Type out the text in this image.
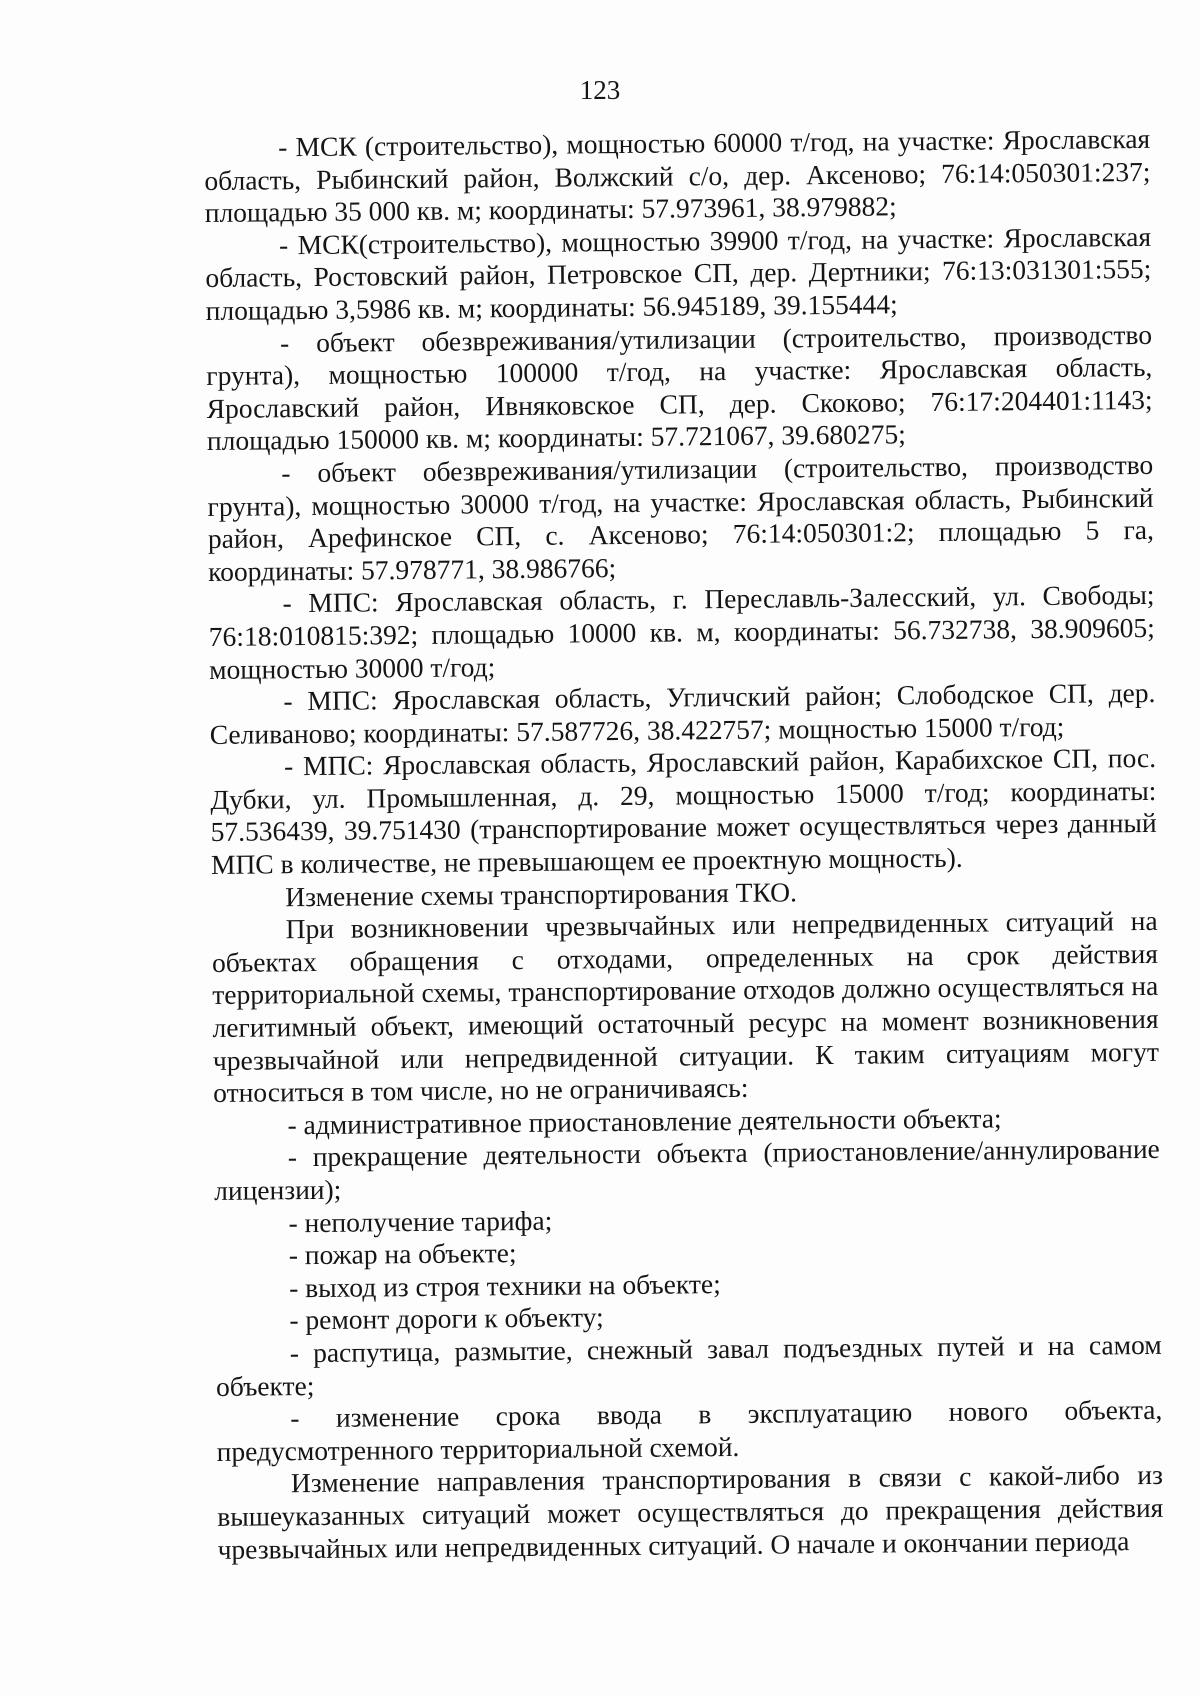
123

- МСК (строительство), мощностью 60000 т/год, на участке: Ярославская область, Рыбинский район, Волжский с/о, дер. Аксеново; 76:14:050301:237; площадью 35 000 кв. м; координаты: 57.973961, 38.979882;

- МСК(строительство), мощностью 39900 т/год, на участке: Ярославская область, Ростовский район, Петровское СП, дер. Дертники; 76:13:031301:555; площадью 3,5986 кв. м; координаты: 56.945189, 39.155444;

- объект обезвреживания/утилизации (строительство, производство грунта), мощностью 100000 т/год, на участке: Ярославская область, Ярославский район, Ивняковское СП, дер. Скоково; 76:17:204401:1143; площадью 150000 кв. м; координаты: 57.721067, 39.680275;

- объект обезвреживания/утилизации (строительство, производство грунта), мощностью 30000 т/год, на участке: Ярославская область, Рыбинский район, Арефинское СП, с. Аксеново; 76:14:050301:2; площадью 5 га, координаты: 57.978771, 38.986766;

- МПС: Ярославская область, г. Переславль-Залесский, ул. Свободы; 76:18:010815:392; площадью 10000 кв. м, координаты: 56.732738, 38.909605; мощностью 30000 т/год;

- МПС: Ярославская область, Угличский район; Слободское СП, дер. Селиваново; координаты: 57.587726, 38.422757; мощностью 15000 т/год;

- МПС: Ярославская область, Ярославский район, Карабихское СП, пос. Дубки, ул. Промышленная, д. 29, мощностью 15000 т/год; координаты: 57.536439, 39.751430 (транспортирование может осуществляться через данный МПС в количестве, не превышающем ее проектную мощность).

Изменение схемы транспортирования ТКО.

При возникновении чрезвычайных или непредвиденных ситуаций на объектах обращения с отходами, определенных на срок действия территориальной схемы, транспортирование отходов должно осуществляться на легитимный объект, имеющий остаточный ресурс на момент возникновения чрезвычайной или непредвиденной ситуации. К таким ситуациям могут относиться в том числе, но не ограничиваясь:

- административное приостановление деятельности объекта;

- прекращение деятельности объекта (приостановление/аннулирование лицензии);

- неполучение тарифа;

- пожар на объекте;

- выход из строя техники на объекте;

- ремонт дороги к объекту;

- распутица, размытие, снежный завал подъездных путей и на самом объекте;

- изменение срока ввода в эксплуатацию нового объекта, предусмотренного территориальной схемой.

Изменение направления транспортирования в связи с какой-либо из вышеуказанных ситуаций может осуществляться до прекращения действия чрезвычайных или непредвиденных ситуаций. О начале и окончании периода
